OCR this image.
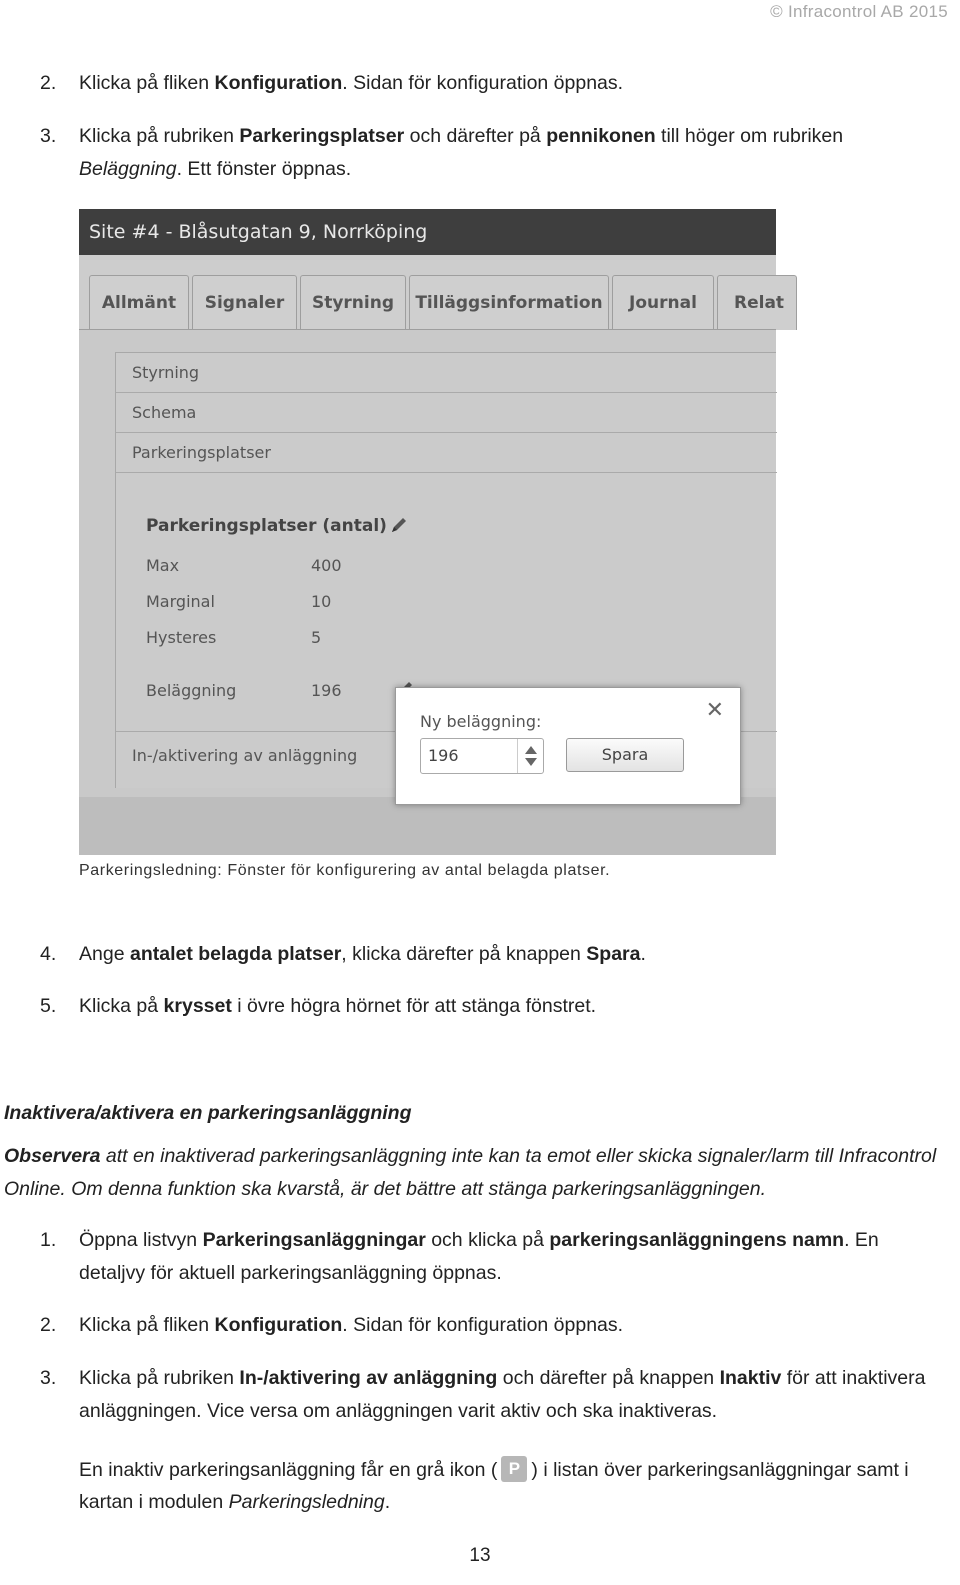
© Infracontrol AB 2015
2. Klicka på fliken Konfiguration. Sidan för konfiguration öppnas.
3. Klicka på rubriken Parkeringsplatser och därefter på pennikonen till höger om rubriken Beläggning. Ett fönster öppnas.
Site #4 - Blåsutgatan 9, Norrköping
Allmänt	Signaler	Styrning	Tilläggsinformation	Journal	Relat
Styrning
Schema
Parkeringsplatser
Parkeringsplatser (antal)
Max	400
Marginal	10
Hysteres	5
Beläggning	196
In-/aktivering av anläggning
Ny beläggning:	✕
196	Spara
Parkeringsledning: Fönster för konfigurering av antal belagda platser.
4. Ange antalet belagda platser, klicka därefter på knappen Spara.
5. Klicka på krysset i övre högra hörnet för att stänga fönstret.
Inaktivera/aktivera en parkeringsanläggning
Observera att en inaktiverad parkeringsanläggning inte kan ta emot eller skicka signaler/larm till Infracontrol Online. Om denna funktion ska kvarstå, är det bättre att stänga parkeringsanläggningen.
1. Öppna listvyn Parkeringsanläggningar och klicka på parkeringsanläggningens namn. En detaljvy för aktuell parkeringsanläggning öppnas.
2. Klicka på fliken Konfiguration. Sidan för konfiguration öppnas.
3. Klicka på rubriken In-/aktivering av anläggning och därefter på knappen Inaktiv för att inaktivera anläggningen. Vice versa om anläggningen varit aktiv och ska inaktiveras.
En inaktiv parkeringsanläggning får en grå ikon ( P ) i listan över parkeringsanläggningar samt i kartan i modulen Parkeringsledning.
13
